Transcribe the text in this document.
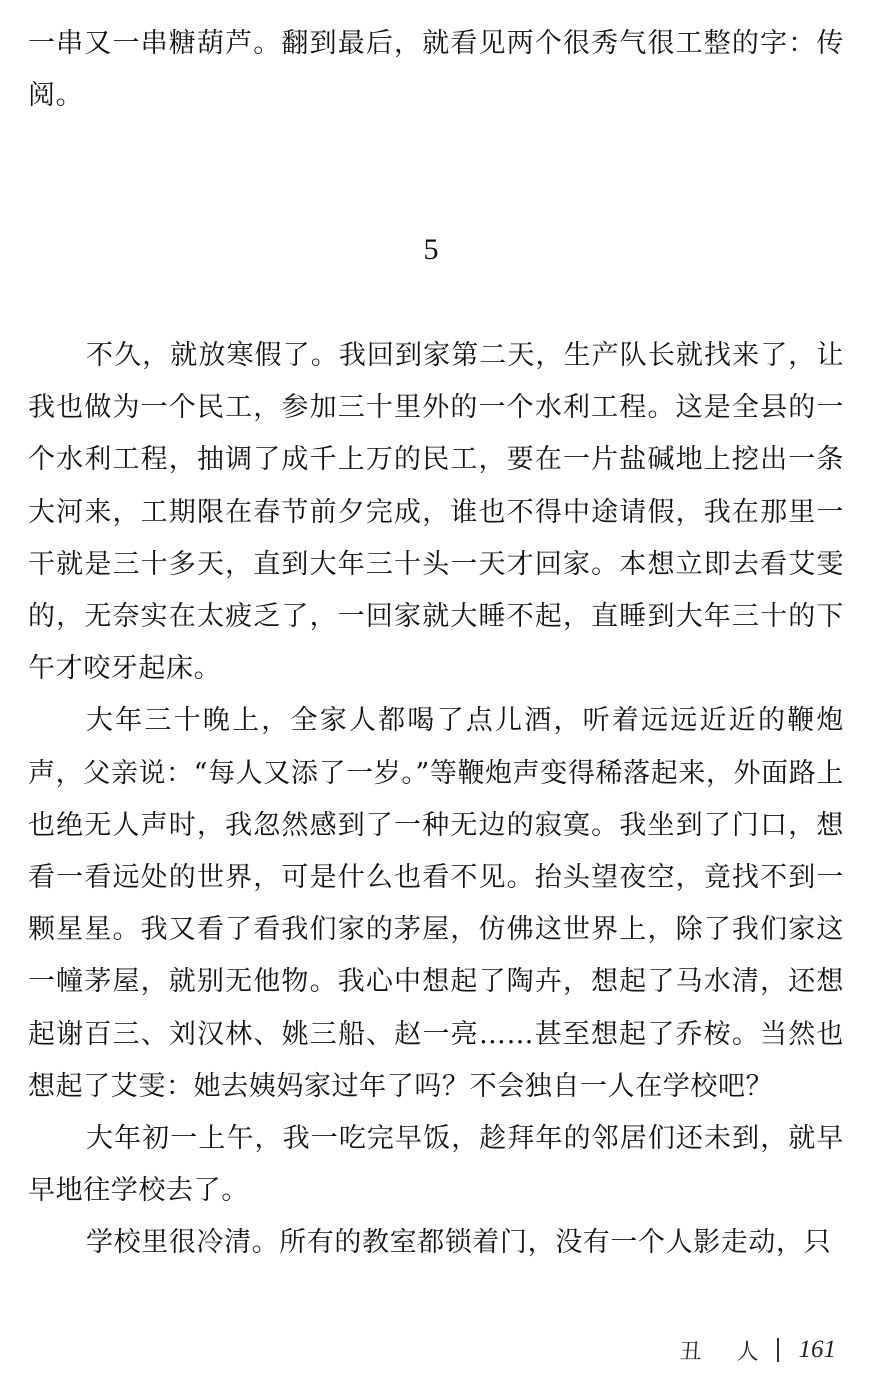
一串又一串糖葫芦。翻到最后，就看见两个很秀气很工整的字：传阅。

5

不久，就放寒假了。我回到家第二天，生产队长就找来了，让我也做为一个民工，参加三十里外的一个水利工程。这是全县的一个水利工程，抽调了成千上万的民工，要在一片盐碱地上挖出一条大河来，工期限在春节前夕完成，谁也不得中途请假，我在那里一干就是三十多天，直到大年三十头一天才回家。本想立即去看艾雯的，无奈实在太疲乏了，一回家就大睡不起，直睡到大年三十的下午才咬牙起床。

大年三十晚上，全家人都喝了点儿酒，听着远远近近的鞭炮声，父亲说：“每人又添了一岁。”等鞭炮声变得稀落起来，外面路上也绝无人声时，我忽然感到了一种无边的寂寞。我坐到了门口，想看一看远处的世界，可是什么也看不见。抬头望夜空，竟找不到一颗星星。我又看了看我们家的茅屋，仿佛这世界上，除了我们家这一幢茅屋，就别无他物。我心中想起了陶卉，想起了马水清，还想起谢百三、刘汉林、姚三船、赵一亮……甚至想起了乔桉。当然也想起了艾雯：她去姨妈家过年了吗？不会独自一人在学校吧？

大年初一上午，我一吃完早饭，趁拜年的邻居们还未到，就早早地往学校去了。

学校里很冷清。所有的教室都锁着门，没有一个人影走动，只

丑 人 161
